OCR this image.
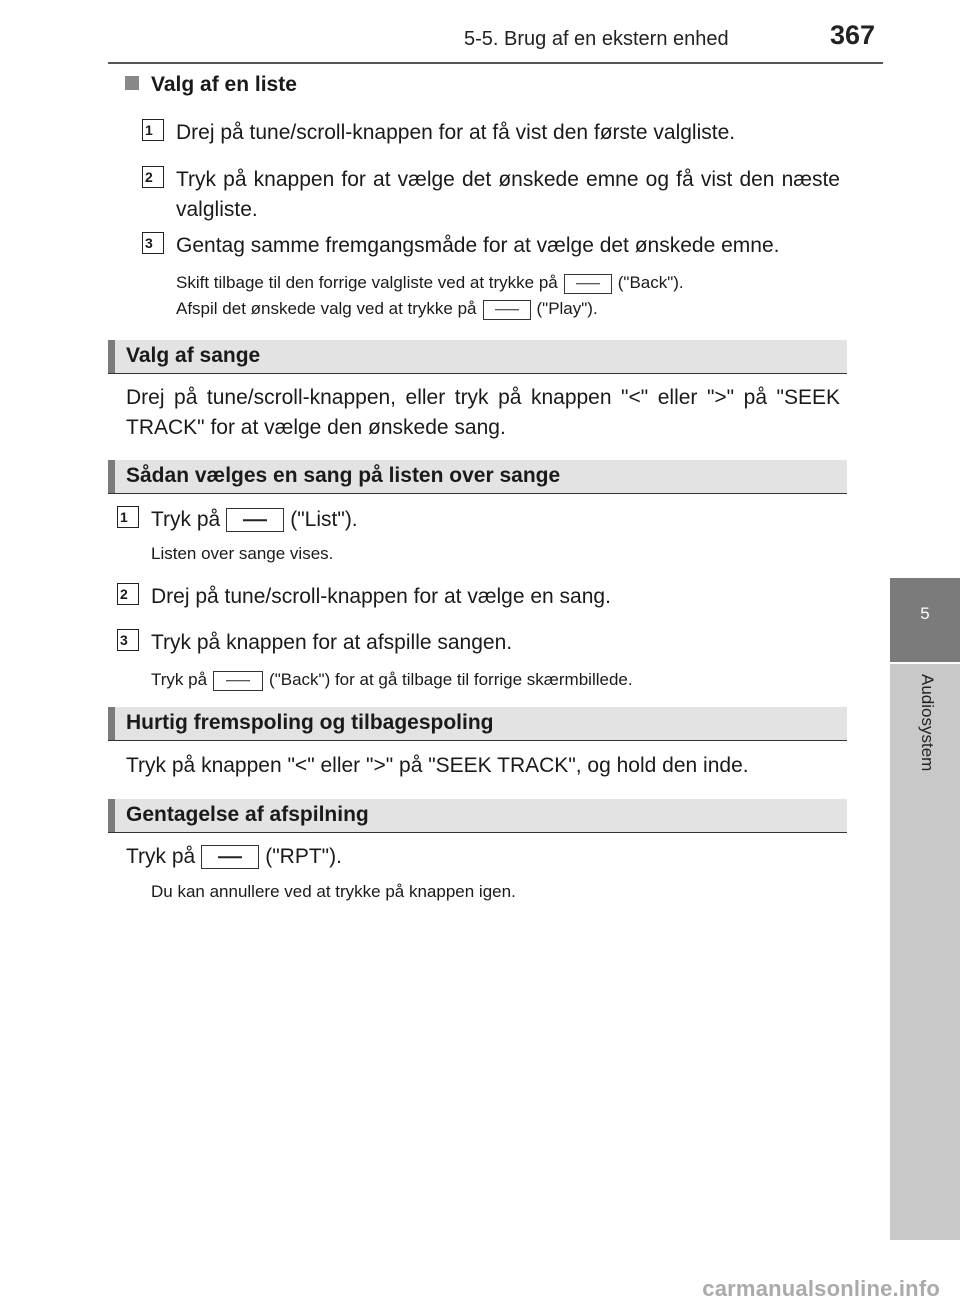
5-5. Brug af en ekstern enhed	367
5
Audiosystem
Valg af en liste
1	Drej på tune/scroll-knappen for at få vist den første valgliste.
2	Tryk på knappen for at vælge det ønskede emne og få vist den næste valgliste.
3	Gentag samme fremgangsmåde for at vælge det ønskede emne.
Skift tilbage til den forrige valgliste ved at trykke på	("Back").
Afspil det ønskede valg ved at trykke på	("Play").
Valg af sange
Drej på tune/scroll-knappen, eller tryk på knappen "<" eller ">" på "SEEK TRACK" for at vælge den ønskede sang.
Sådan vælges en sang på listen over sange
1	Tryk på	("List").
Listen over sange vises.
2	Drej på tune/scroll-knappen for at vælge en sang.
3	Tryk på knappen for at afspille sangen.
Tryk på	("Back") for at gå tilbage til forrige skærmbillede.
Hurtig fremspoling og tilbagespoling
Tryk på knappen "<" eller ">" på "SEEK TRACK", og hold den inde.
Gentagelse af afspilning
Tryk på	("RPT").
Du kan annullere ved at trykke på knappen igen.
carmanualsonline.info
